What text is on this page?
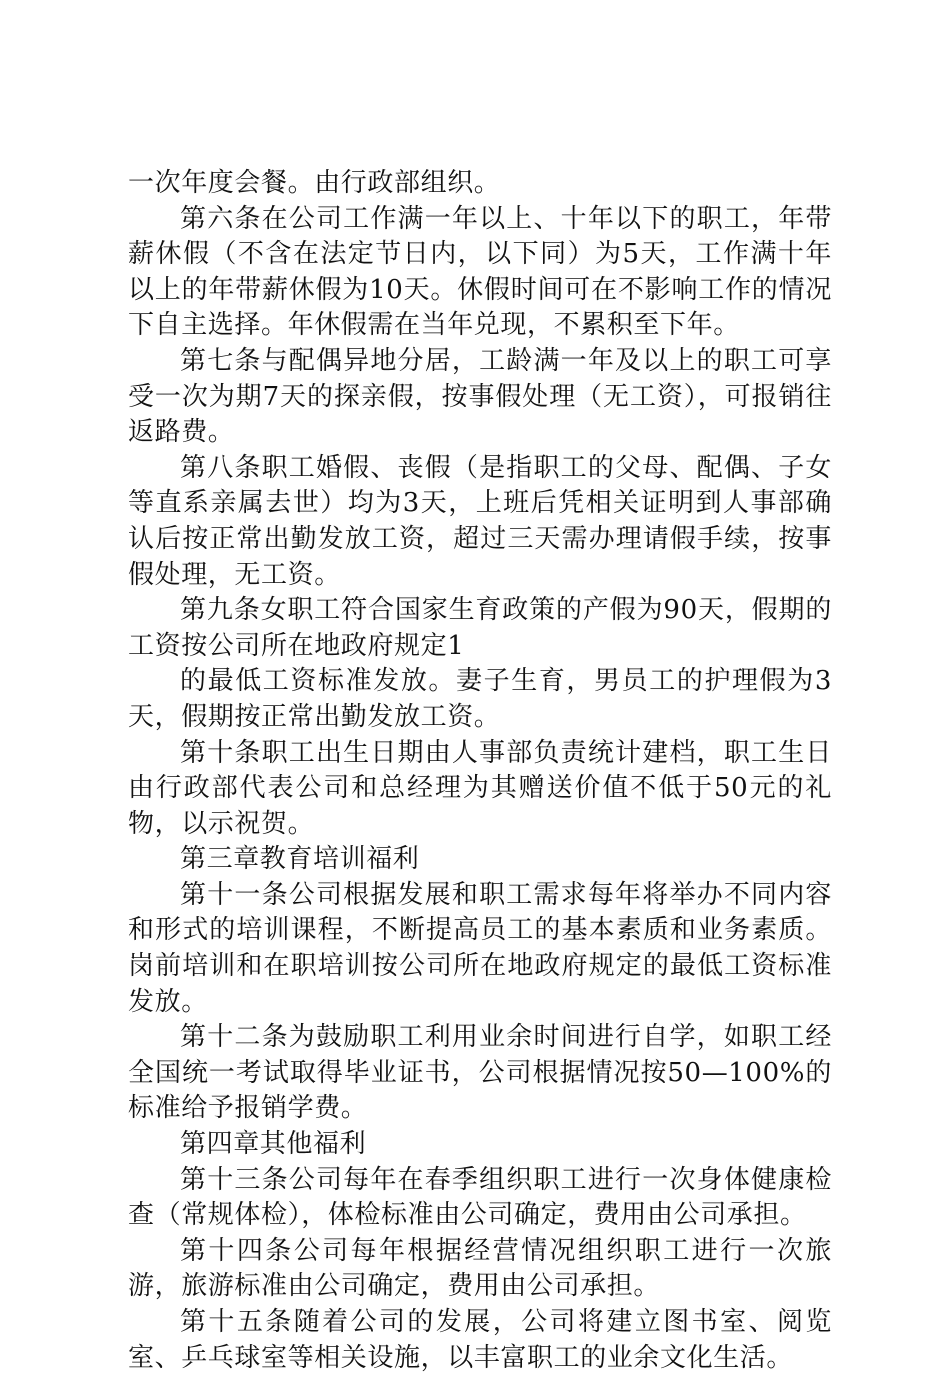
一次年度会餐。由行政部组织。

第六条在公司工作满一年以上、十年以下的职工，年带薪休假（不含在法定节日内，以下同）为5天，工作满十年以上的年带薪休假为10天。休假时间可在不影响工作的情况下自主选择。年休假需在当年兑现，不累积至下年。

第七条与配偶异地分居，工龄满一年及以上的职工可享受一次为期7天的探亲假，按事假处理（无工资），可报销往返路费。

第八条职工婚假、丧假（是指职工的父母、配偶、子女等直系亲属去世）均为3天，上班后凭相关证明到人事部确认后按正常出勤发放工资，超过三天需办理请假手续，按事假处理，无工资。

第九条女职工符合国家生育政策的产假为90天，假期的工资按公司所在地政府规定1

的最低工资标准发放。妻子生育，男员工的护理假为3天，假期按正常出勤发放工资。

第十条职工出生日期由人事部负责统计建档，职工生日由行政部代表公司和总经理为其赠送价值不低于50元的礼物，以示祝贺。

第三章教育培训福利

第十一条公司根据发展和职工需求每年将举办不同内容和形式的培训课程，不断提高员工的基本素质和业务素质。岗前培训和在职培训按公司所在地政府规定的最低工资标准发放。

第十二条为鼓励职工利用业余时间进行自学，如职工经全国统一考试取得毕业证书，公司根据情况按50—100%的标准给予报销学费。

第四章其他福利

第十三条公司每年在春季组织职工进行一次身体健康检查（常规体检），体检标准由公司确定，费用由公司承担。

第十四条公司每年根据经营情况组织职工进行一次旅游，旅游标准由公司确定，费用由公司承担。

第十五条随着公司的发展，公司将建立图书室、阅览室、乒乓球室等相关设施，以丰富职工的业余文化生活。
